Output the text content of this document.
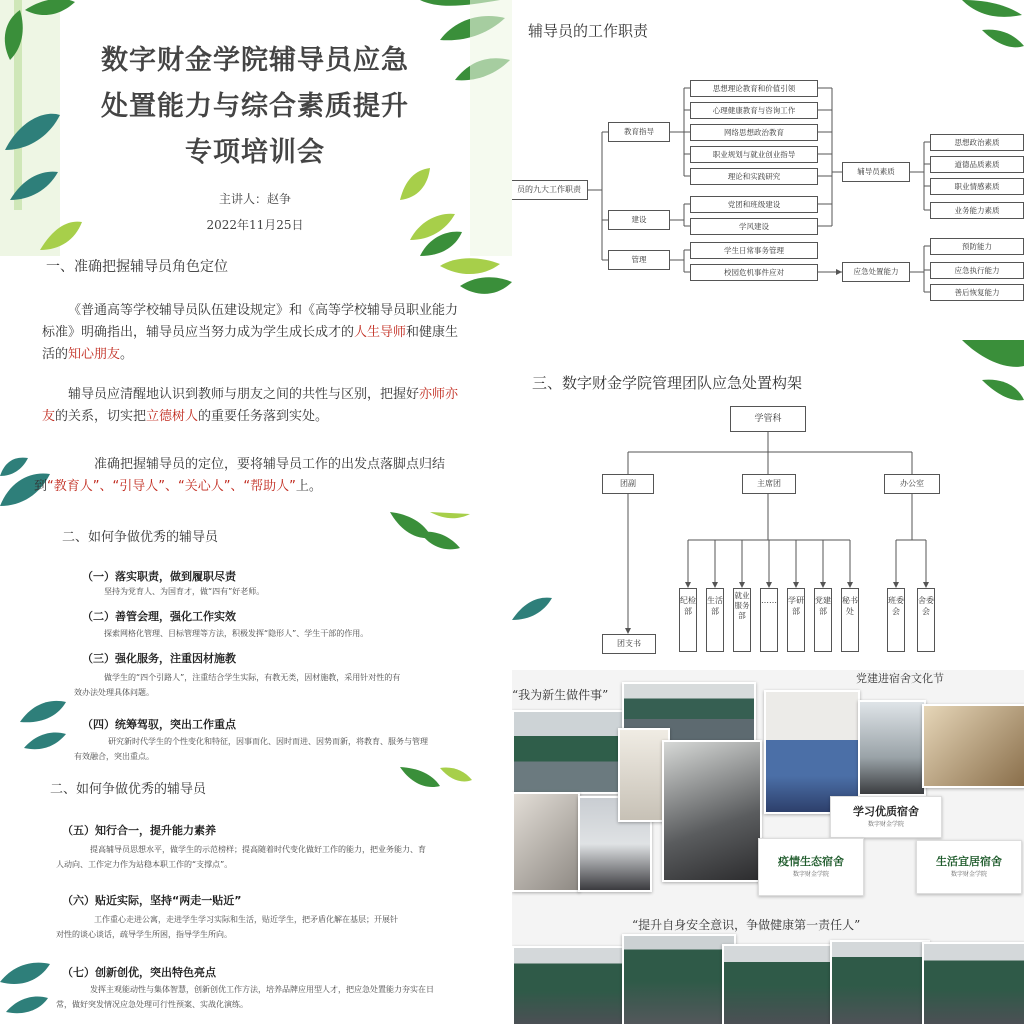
数字财金学院辅导员应急
处置能力与综合素质提升
专项培训会
主讲人：赵争
2022年11月25日
辅导员的工作职责
员的九大工作职责
教育指导
建设
管理
思想理论教育和价值引领
心理健康教育与咨询工作
网络思想政治教育
职业规划与就业创业指导
理论和实践研究
党团和班级建设
学风建设
学生日常事务管理
校园危机事件应对
辅导员素质
思想政治素质
道德品质素质
职业情感素质
业务能力素质
应急处置能力
预防能力
应急执行能力
善后恢复能力
一、准确把握辅导员角色定位
《普通高等学校辅导员队伍建设规定》和《高等学校辅导员职业能力标准》明确指出，辅导员应当努力成为学生成长成才的人生导师和健康生活的知心朋友。
辅导员应清醒地认识到教师与朋友之间的共性与区别，把握好亦师亦友的关系，切实把立德树人的重要任务落到实处。
准确把握辅导员的定位，要将辅导员工作的出发点落脚点归结到“教育人”、“引导人”、“关心人”、“帮助人”上。
三、数字财金学院管理团队应急处置构架
学管科
团副	主席团	办公室
团支书
纪检部
生活部
就业服务部
…… 学研部
党建部
秘书处
班委会
舍委会
二、如何争做优秀的辅导员
（一）落实职责，做到履职尽责
坚持为党育人、为国育才，做“四有”好老师。
（二）善管会理，强化工作实效
探索网格化管理、目标管理等方法，积极发挥“隐形人”、学生干部的作用。
（三）强化服务，注重因材施教
做学生的“四个引路人”，注重结合学生实际，有教无类，因材施教，采用针对性的有效办法处理具体问题。
（四）统筹驾驭，突出工作重点
研究新时代学生的个性变化和特征，因事而化、因时而进、因势而新，将教育、服务与管理有效融合，突出重点。
二、如何争做优秀的辅导员
（五）知行合一，提升能力素养
提高辅导员思想水平，做学生的示范榜样；提高随着时代变化做好工作的能力，把业务能力、育人动向、工作定力作为站稳本职工作的“支撑点”。
（六）贴近实际，坚持“两走一贴近”
工作重心走进公寓，走进学生学习实际和生活，贴近学生，把矛盾化解在基层；开展针对性的谈心谈话，疏导学生所困，指导学生所向。
（七）创新创优，突出特色亮点
发挥主观能动性与集体智慧，创新创优工作方法，培养品牌应用型人才，把应急处置能力夯实在日常，做好突发情况应急处理可行性预案、实战化演练。
“我为新生做件事”
党建进宿舍文化节
学习优质宿舍
数字财金学院
疫情生态宿舍
数字财金学院
生活宜居宿舍
数字财金学院
“提升自身安全意识，争做健康第一责任人”
